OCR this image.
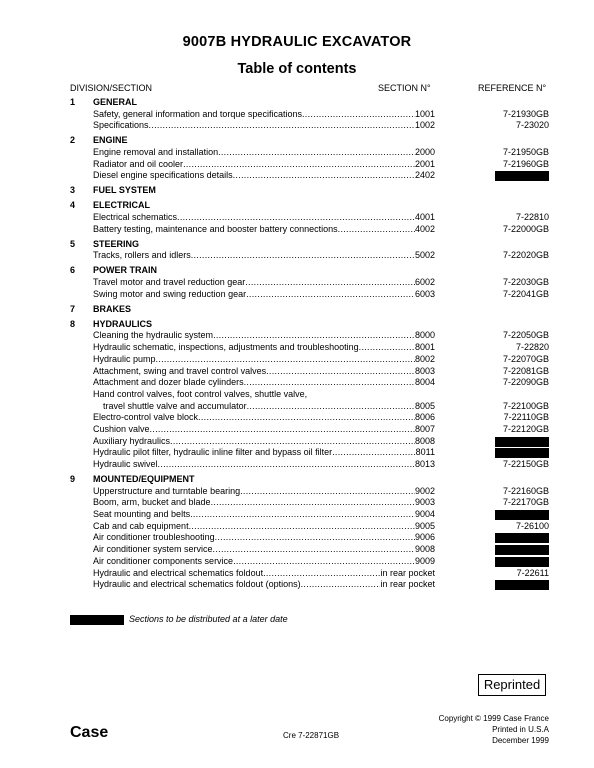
9007B HYDRAULIC EXCAVATOR
Table of contents
DIVISION/SECTION	SECTION N°	REFERENCE N°
1 GENERAL
Safety, general information and torque specifications .....	1001	7-21930GB
Specifications .....	1002	7-23020
2 ENGINE
Engine removal and installation .....	2000	7-21950GB
Radiator and oil cooler .....	2001	7-21960GB
Diesel engine specifications details .....	2402
3 FUEL SYSTEM
4 ELECTRICAL
Electrical schematics .....	4001	7-22810
Battery testing, maintenance and booster battery connections .....	4002	7-22000GB
5 STEERING
Tracks, rollers and idlers .....	5002	7-22020GB
6 POWER TRAIN
Travel motor and travel reduction gear .....	6002	7-22030GB
Swing motor and swing reduction gear .....	6003	7-22041GB
7 BRAKES
8 HYDRAULICS
Cleaning the hydraulic system .....	8000	7-22050GB
Hydraulic schematic, inspections, adjustments and troubleshooting .....	8001	7-22820
Hydraulic pump .....	8002	7-22070GB
Attachment, swing and travel control valves .....	8003	7-22081GB
Attachment and dozer blade cylinders .....	8004	7-22090GB
Hand control valves, foot control valves, shuttle valve,
travel shuttle valve and accumulator .....	8005	7-22100GB
Electro-control valve block .....	8006	7-22110GB
Cushion valve .....	8007	7-22120GB
Auxiliary hydraulics .....	8008
Hydraulic pilot filter, hydraulic inline filter and bypass oil filter .....	8011
Hydraulic swivel .....	8013	7-22150GB
9 MOUNTED/EQUIPMENT
Upperstructure and turntable bearing .....	9002	7-22160GB
Boom, arm, bucket and blade .....	9003	7-22170GB
Seat mounting and belts .....	9004
Cab and cab equipment .....	9005	7-26100
Air conditioner troubleshooting .....	9006
Air conditioner system service .....	9008
Air conditioner components service .....	9009
Hydraulic and electrical schematics foldout .....	in rear pocket	7-22611
Hydraulic and electrical schematics foldout (options) .....	in rear pocket
Sections to be distributed at a later date
Reprinted
Copyright © 1999 Case France
Printed in U.S.A
December 1999
Case	Cre 7-22871GB
